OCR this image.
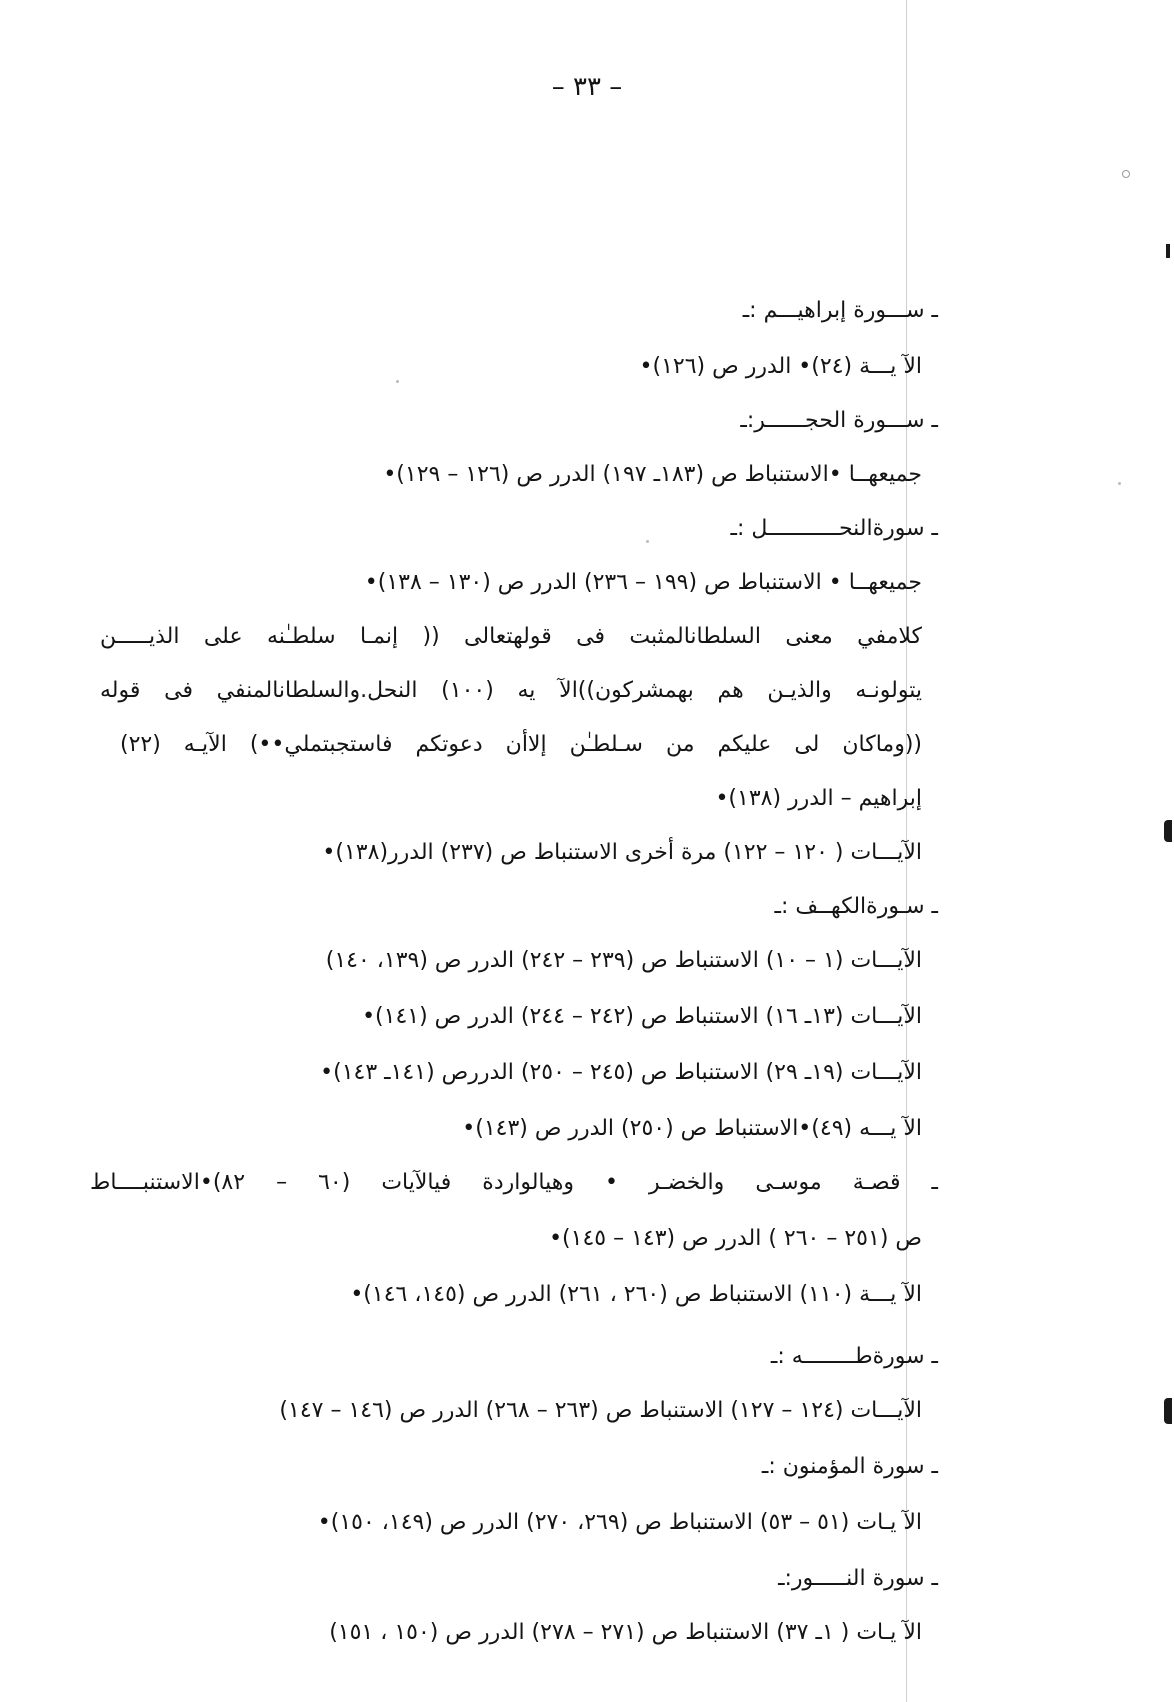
– ٣٣ –
ـ ســـورة إبراهيـــم :ـ
الآ يـــة (٢٤)• الدرر ص (١٢٦)•
ـ ســـورة الحجــــــر:ـ
جميعهــا •الاستنباط ص (١٨٣ـ ١٩٧) الدرر ص (١٢٦ – ١٢٩)•
ـ سورةالنحـــــــــــل :ـ
جميعهــا • الاستنباط ص (١٩٩ – ٢٣٦) الدرر ص (١٣٠ – ١٣٨)•
كلامفي معنى السلطانالمثبت فى قولهتعالى (( إنمـا سلطـٰنه على الذيـــــن
يتولونـه والذيـن هم بهمشركون))الآ يه (١٠٠) النحل.والسلطانالمنفي فى قوله
((وماكان لى عليكم من سـلطـٰن إلاأن دعوتكم فاستجبتملي••) الآيـه (٢٢)
إبراهيم – الدرر (١٣٨)•
الآيـــات ( ١٢٠ – ١٢٢) مرة أخرى الاستنباط ص (٢٣٧) الدرر(١٣٨)•
ـ سـورةالكهــف :ـ
الآيـــات (١ – ١٠) الاستنباط ص (٢٣٩ – ٢٤٢) الدرر ص (١٣٩، ١٤٠)
الآيـــات (١٣ـ ١٦) الاستنباط ص (٢٤٢ – ٢٤٤) الدرر ص (١٤١)•
الآيـــات (١٩ـ ٢٩) الاستنباط ص (٢٤٥ – ٢٥٠) الدررص (١٤١ـ ١٤٣)•
الآ يـــه (٤٩)•الاستنباط ص (٢٥٠) الدرر ص (١٤٣)•
ـ قصـة موسـى والخضـر • وهيالواردة فيالآيات (٦٠ – ٨٢)•الاستنبــــاط
ص (٢٥١ – ٢٦٠ ) الدرر ص (١٤٣ – ١٤٥)•
الآ يـــة (١١٠) الاستنباط ص (٢٦٠ ، ٢٦١) الدرر ص (١٤٥، ١٤٦)•
ـ سورةطــــــــه :ـ
الآيـــات (١٢٤ – ١٢٧) الاستنباط ص (٢٦٣ – ٢٦٨) الدرر ص (١٤٦ – ١٤٧)
ـ سورة المؤمنون :ـ
الآ يـات (٥١ – ٥٣) الاستنباط ص (٢٦٩، ٢٧٠) الدرر ص (١٤٩، ١٥٠)•
ـ سورة النـــــور:ـ
الآ يـات ( ١ـ ٣٧) الاستنباط ص (٢٧١ – ٢٧٨) الدرر ص (١٥٠ ، ١٥١)
